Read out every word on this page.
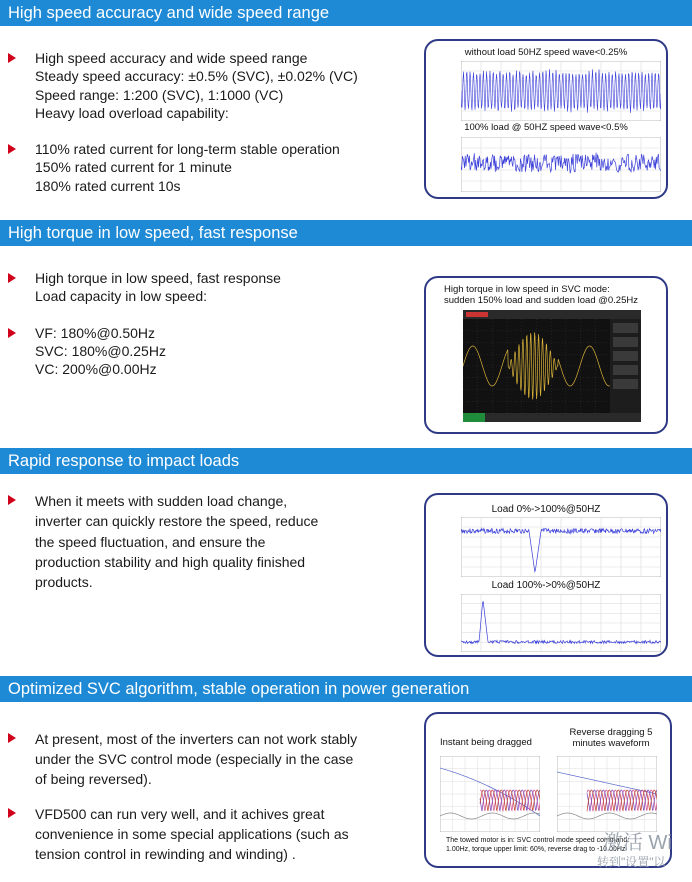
High speed accuracy and wide speed range
High speed accuracy and wide speed range
Steady speed accuracy: ±0.5% (SVC), ±0.02% (VC)
Speed range: 1:200 (SVC), 1:1000 (VC)
Heavy load overload capability:
110% rated current for long-term stable operation
150% rated current for 1 minute
180% rated current 10s
without load 50HZ speed wave<0.25%
100% load @ 50HZ speed wave<0.5%
High torque in low speed, fast response
High torque in low speed, fast response
Load capacity in low speed:
VF: 180%@0.50Hz
SVC: 180%@0.25Hz
VC: 200%@0.00Hz
High torque in low speed in SVC mode:
sudden 150% load and sudden load @0.25Hz
Rapid response to impact loads
When it meets with sudden load change,
inverter can quickly restore the speed, reduce
the speed fluctuation, and ensure the
production stability and high quality finished
products.
Load 0%->100%@50HZ
Load 100%->0%@50HZ
Optimized SVC algorithm, stable operation in power generation
At present, most of the inverters can not work stably
under the SVC control mode (especially in the case
of being reversed).
VFD500 can run very well, and it achives great
convenience in some special applications (such as
tension control in rewinding and winding) .
Instant being dragged
Reverse dragging 5
minutes waveform
The towed motor is in: SVC control mode speed command:
1.00Hz, torque upper limit: 60%, reverse drag to -10.00Hz
激活 Wi
转到"设置"以
